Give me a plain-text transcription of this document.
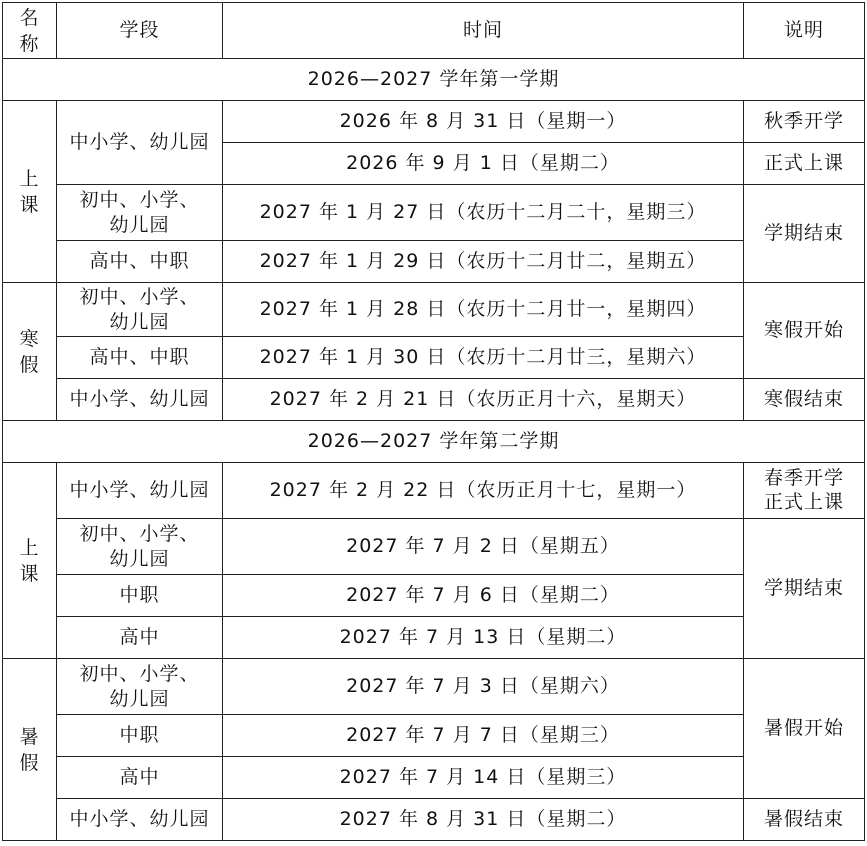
名称	学段	时间	说明
2026—2027 学年第一学期			
上课	中小学、幼儿园	2026 年 8 月 31 日（星期一）	秋季开学
		2026 年 9 月 1 日（星期二）	正式上课
	初中、小学、幼儿园	2027 年 1 月 27 日（农历十二月二十，星期三）	学期结束
	高中、中职	2027 年 1 月 29 日（农历十二月廿二，星期五）	
寒假	初中、小学、幼儿园	2027 年 1 月 28 日（农历十二月廿一，星期四）	寒假开始
	高中、中职	2027 年 1 月 30 日（农历十二月廿三，星期六）	
	中小学、幼儿园	2027 年 2 月 21 日（农历正月十六，星期天）	寒假结束
2026—2027 学年第二学期			
上课	中小学、幼儿园	2027 年 2 月 22 日（农历正月十七，星期一）	春季开学正式上课
	初中、小学、幼儿园	2027 年 7 月 2 日（星期五）	学期结束
	中职	2027 年 7 月 6 日（星期二）	
	高中	2027 年 7 月 13 日（星期二）	
暑假	初中、小学、幼儿园	2027 年 7 月 3 日（星期六）	暑假开始
	中职	2027 年 7 月 7 日（星期三）	
	高中	2027 年 7 月 14 日（星期三）	
	中小学、幼儿园	2027 年 8 月 31 日（星期二）	暑假结束
